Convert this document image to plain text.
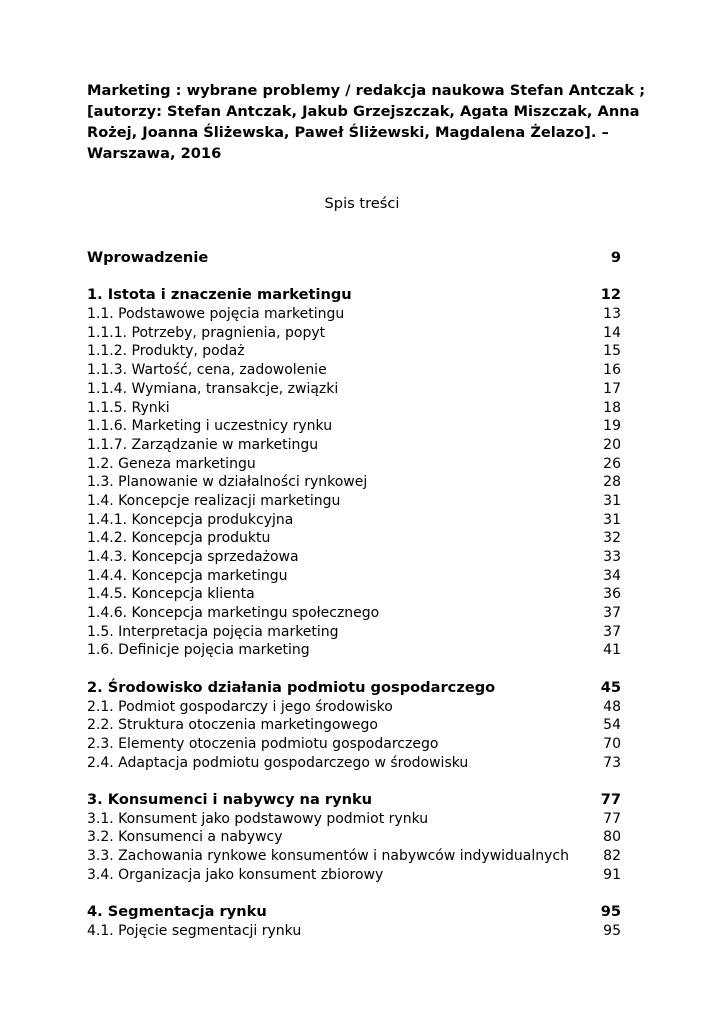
Marketing : wybrane problemy / redakcja naukowa Stefan Antczak ;
[autorzy: Stefan Antczak, Jakub Grzejszczak, Agata Miszczak, Anna
Rożej, Joanna Śliżewska, Paweł Śliżewski, Magdalena Żelazo]. –
Warszawa, 2016
Spis treści
Wprowadzenie	9
1. Istota i znaczenie marketingu	12
1.1. Podstawowe pojęcia marketingu	13
1.1.1. Potrzeby, pragnienia, popyt	14
1.1.2. Produkty, podaż	15
1.1.3. Wartość, cena, zadowolenie	16
1.1.4. Wymiana, transakcje, związki	17
1.1.5. Rynki	18
1.1.6. Marketing i uczestnicy rynku	19
1.1.7. Zarządzanie w marketingu	20
1.2. Geneza marketingu	26
1.3. Planowanie w działalności rynkowej	28
1.4. Koncepcje realizacji marketingu	31
1.4.1. Koncepcja produkcyjna	31
1.4.2. Koncepcja produktu	32
1.4.3. Koncepcja sprzedażowa	33
1.4.4. Koncepcja marketingu	34
1.4.5. Koncepcja klienta	36
1.4.6. Koncepcja marketingu społecznego	37
1.5. Interpretacja pojęcia marketing	37
1.6. Definicje pojęcia marketing	41
2. Środowisko działania podmiotu gospodarczego	45
2.1. Podmiot gospodarczy i jego środowisko	48
2.2. Struktura otoczenia marketingowego	54
2.3. Elementy otoczenia podmiotu gospodarczego	70
2.4. Adaptacja podmiotu gospodarczego w środowisku	73
3. Konsumenci i nabywcy na rynku	77
3.1. Konsument jako podstawowy podmiot rynku	77
3.2. Konsumenci a nabywcy	80
3.3. Zachowania rynkowe konsumentów i nabywców indywidualnych 82
3.4. Organizacja jako konsument zbiorowy	91
4. Segmentacja rynku	95
4.1. Pojęcie segmentacji rynku	95
